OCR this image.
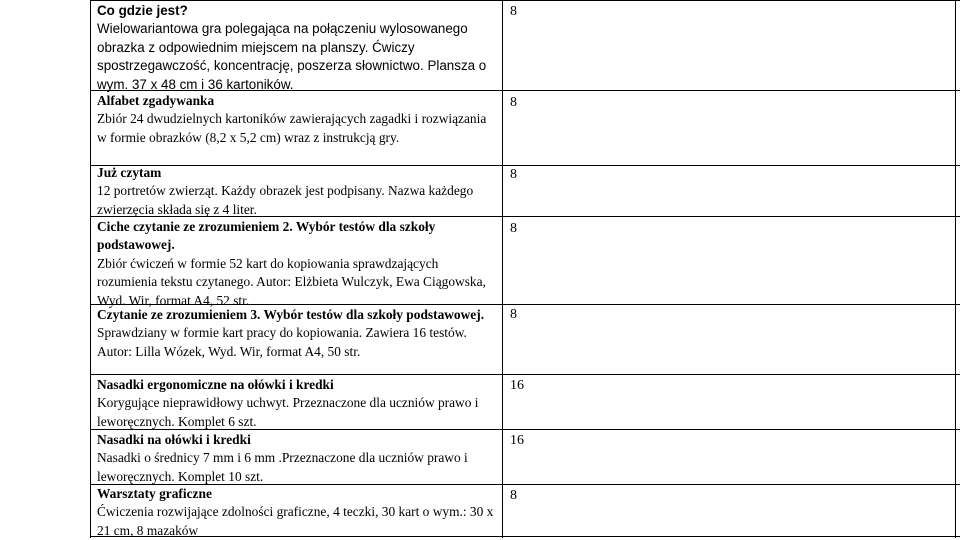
Co gdzie jest?
Wielowariantowa gra polegająca na połączeniu wylosowanego obrazka z odpowiednim miejscem na planszy. Ćwiczy spostrzegawczość, koncentrację, poszerza słownictwo. Plansza o wym. 37 x 48 cm i 36 kartoników.
8
Alfabet zgadywanka
Zbiór 24 dwudzielnych kartoników zawierających zagadki i rozwiązania w formie obrazków (8,2 x 5,2 cm) wraz z instrukcją gry.
8
Już czytam
12 portretów zwierząt. Każdy obrazek jest podpisany. Nazwa każdego zwierzęcia składa się z 4 liter.
8
Ciche czytanie ze zrozumieniem 2. Wybór testów dla szkoły podstawowej.
Zbiór ćwiczeń w formie 52 kart do kopiowania sprawdzających rozumienia tekstu czytanego. Autor: Elżbieta Wulczyk, Ewa Ciągowska, Wyd. Wir, format A4, 52 str.
8
Czytanie ze zrozumieniem 3. Wybór testów dla szkoły podstawowej.
Sprawdziany w formie kart pracy do kopiowania. Zawiera 16 testów. Autor: Lilla Wózek, Wyd. Wir, format A4, 50 str.
8
Nasadki ergonomiczne na ołówki i kredki
Korygujące nieprawidłowy uchwyt. Przeznaczone dla uczniów prawo i leworęcznych. Komplet 6 szt.
16
Nasadki na ołówki i kredki
Nasadki o średnicy 7 mm i 6 mm .Przeznaczone dla uczniów prawo i leworęcznych. Komplet 10 szt.
16
Warsztaty graficzne
Ćwiczenia rozwijające zdolności graficzne, 4 teczki, 30 kart o wym.: 30 x 21 cm, 8 mazaków
8
